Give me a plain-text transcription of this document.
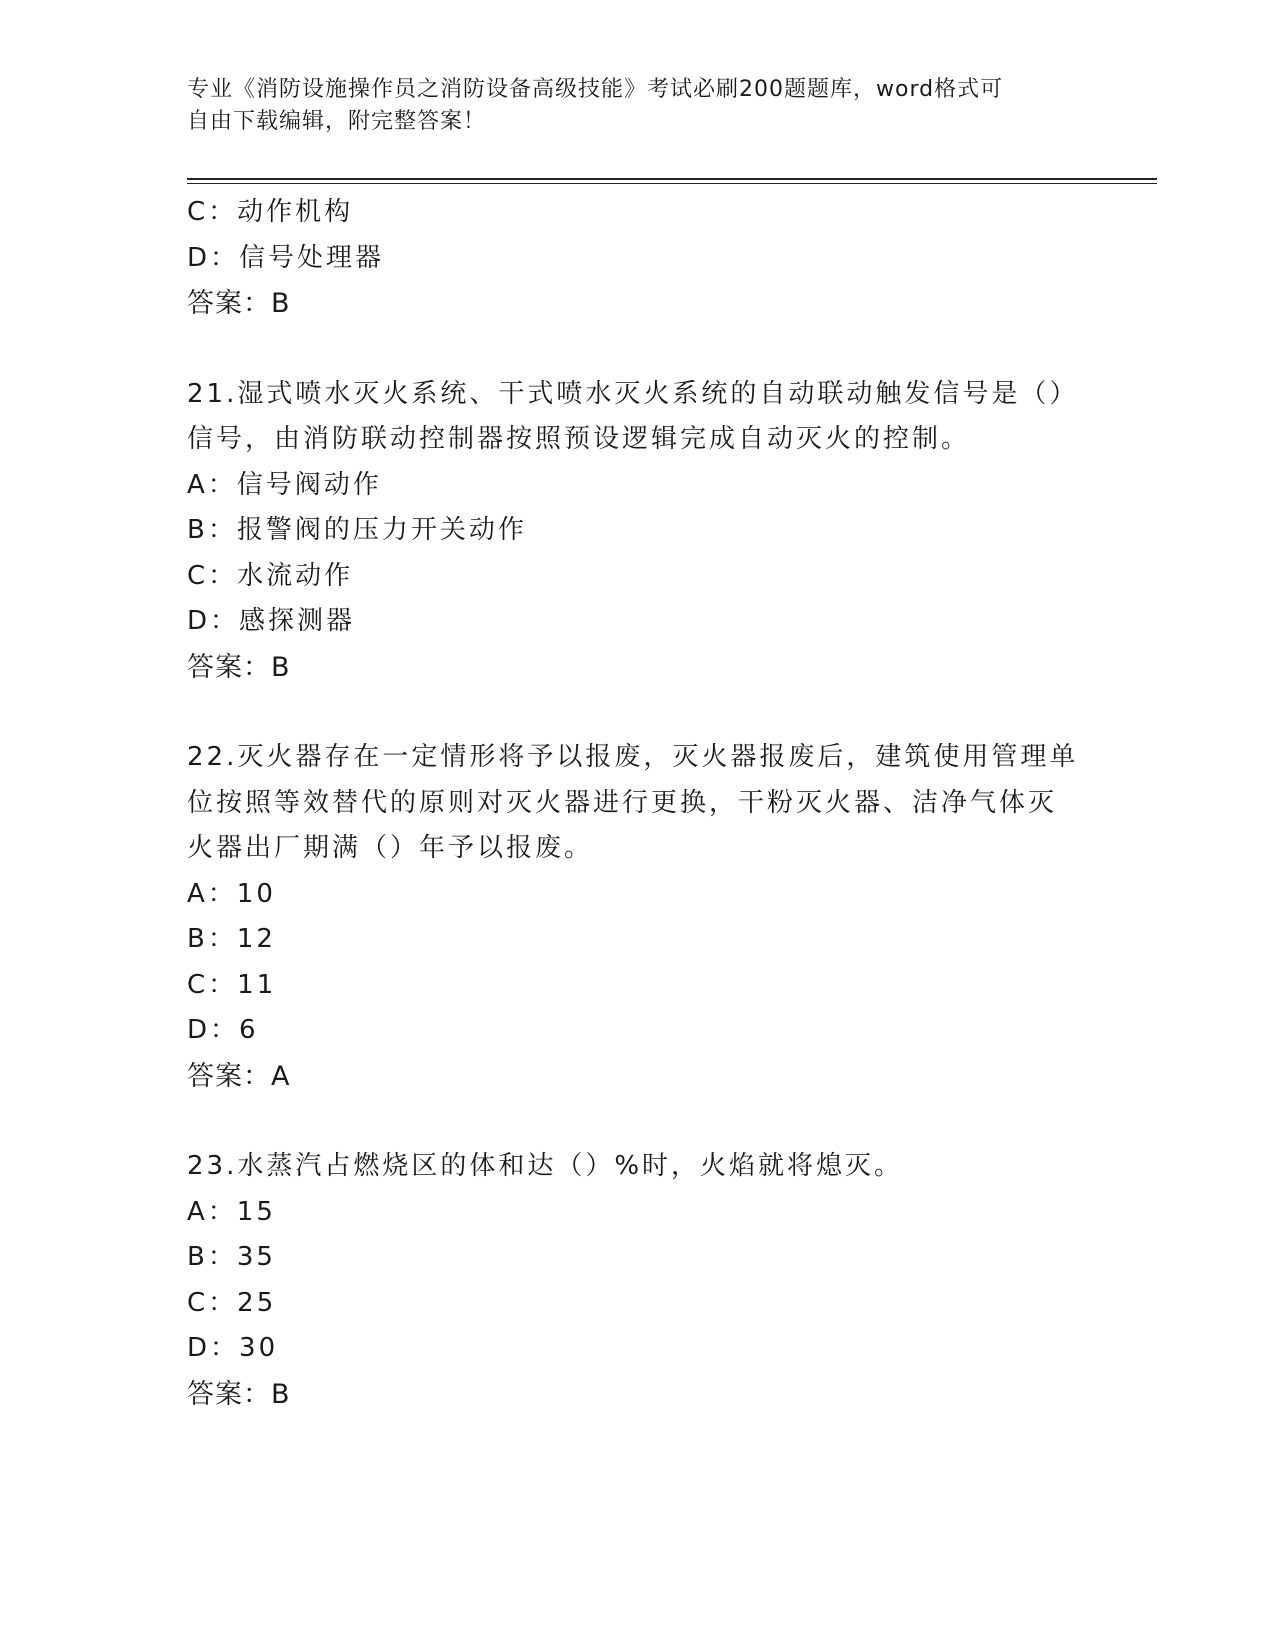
专业《消防设施操作员之消防设备高级技能》考试必刷200题题库，word格式可
自由下载编辑，附完整答案！
C：动作机构
D：信号处理器
答案：B
21.湿式喷水灭火系统、干式喷水灭火系统的自动联动触发信号是（）
信号，由消防联动控制器按照预设逻辑完成自动灭火的控制。
A：信号阀动作
B：报警阀的压力开关动作
C：水流动作
D：感探测器
答案：B
22.灭火器存在一定情形将予以报废，灭火器报废后，建筑使用管理单
位按照等效替代的原则对灭火器进行更换，干粉灭火器、洁净气体灭
火器出厂期满（）年予以报废。
A：10
B：12
C：11
D：6
答案：A
23.水蒸汽占燃烧区的体和达（）%时，火焰就将熄灭。
A：15
B：35
C：25
D：30
答案：B
